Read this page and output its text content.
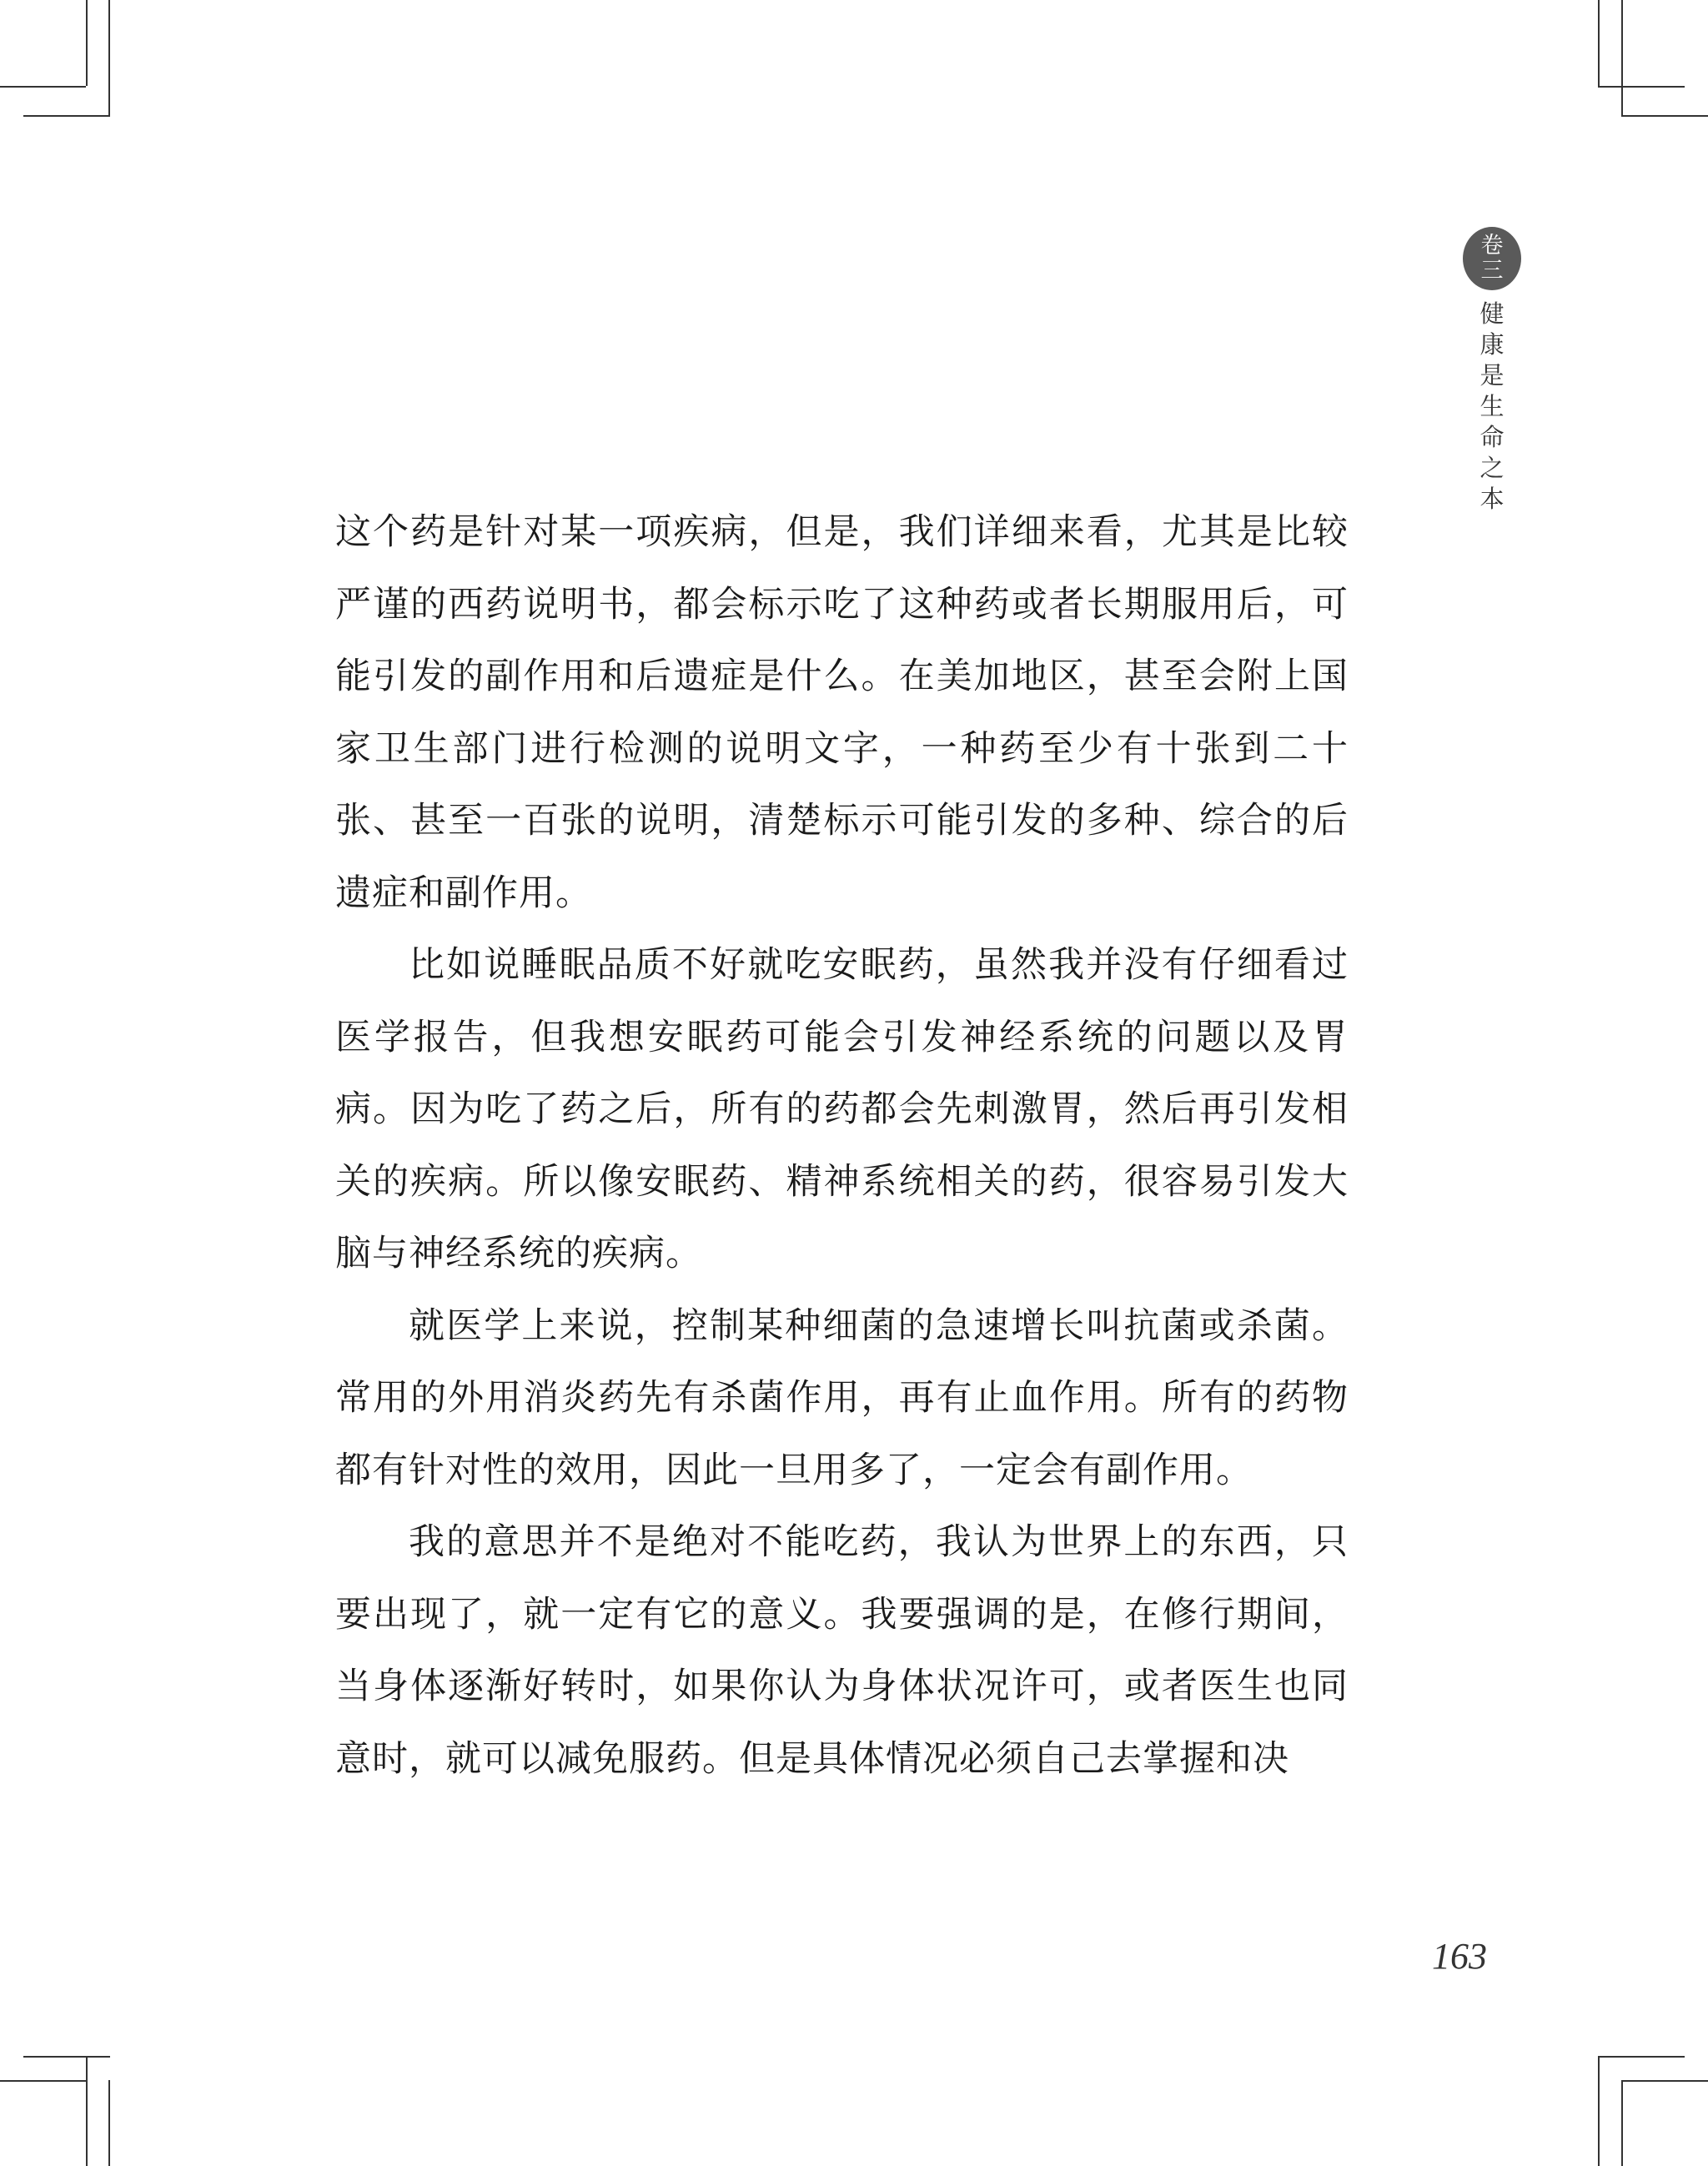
卷
三
健
康
是
生
命
之
本

这个药是针对某一项疾病，但是，我们详细来看，尤其是比较严谨的西药说明书，都会标示吃了这种药或者长期服用后，可能引发的副作用和后遗症是什么。在美加地区，甚至会附上国家卫生部门进行检测的说明文字，一种药至少有十张到二十张、甚至一百张的说明，清楚标示可能引发的多种、综合的后遗症和副作用。

比如说睡眠品质不好就吃安眠药，虽然我并没有仔细看过医学报告，但我想安眠药可能会引发神经系统的问题以及胃病。因为吃了药之后，所有的药都会先刺激胃，然后再引发相关的疾病。所以像安眠药、精神系统相关的药，很容易引发大脑与神经系统的疾病。

就医学上来说，控制某种细菌的急速增长叫抗菌或杀菌。常用的外用消炎药先有杀菌作用，再有止血作用。所有的药物都有针对性的效用，因此一旦用多了，一定会有副作用。

我的意思并不是绝对不能吃药，我认为世界上的东西，只要出现了，就一定有它的意义。我要强调的是，在修行期间，当身体逐渐好转时，如果你认为身体状况许可，或者医生也同意时，就可以减免服药。但是具体情况必须自己去掌握和决

163
